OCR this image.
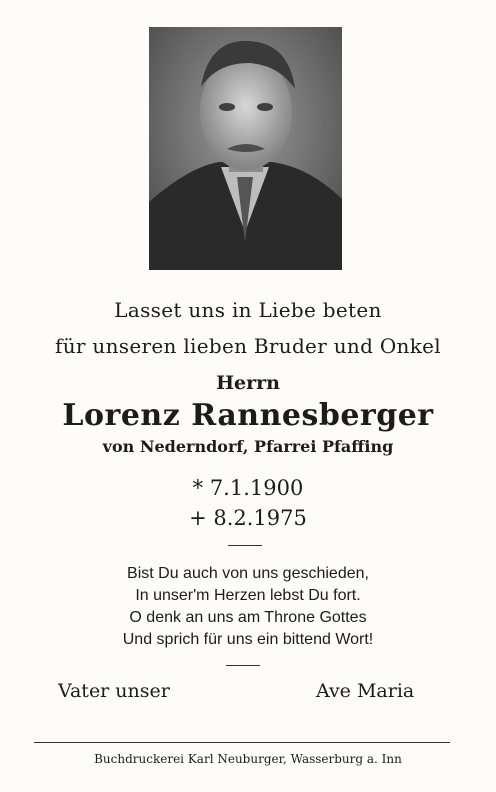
Lasset uns in Liebe beten
für unseren lieben Bruder und Onkel
Herrn
Lorenz Rannesberger
von Nederndorf, Pfarrei Pfaffing
* 7.1.1900
+ 8.2.1975
Bist Du auch von uns geschieden,
In unser'm Herzen lebst Du fort.
O denk an uns am Throne Gottes
Und sprich für uns ein bittend Wort!
Vater unser	Ave Maria
Buchdruckerei Karl Neuburger, Wasserburg a. Inn
